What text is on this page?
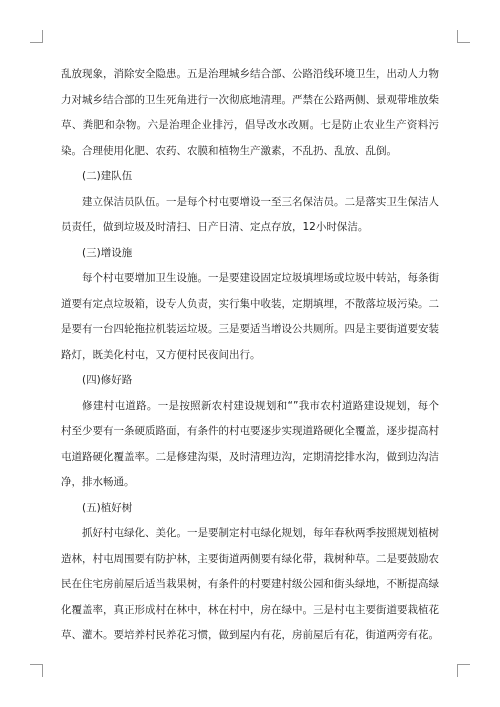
乱放现象，消除安全隐患。五是治理城乡结合部、公路沿线环境卫生，出动人力物力对城乡结合部的卫生死角进行一次彻底地清理。严禁在公路两侧、景观带堆放柴草、粪肥和杂物。六是治理企业排污，倡导改水改厕。七是防止农业生产资料污染。合理使用化肥、农药、农膜和植物生产激素，不乱扔、乱放、乱倒。

(二)建队伍

建立保洁员队伍。一是每个村屯要增设一至三名保洁员。二是落实卫生保洁人员责任，做到垃圾及时清扫、日产日清、定点存放，12小时保洁。

(三)增设施

每个村屯要增加卫生设施。一是要建设固定垃圾填埋场或垃圾中转站，每条街道要有定点垃圾箱，设专人负责，实行集中收装，定期填埋，不散落垃圾污染。二是要有一台四轮拖拉机装运垃圾。三是要适当增设公共厕所。四是主要街道要安装路灯，既美化村屯，又方便村民夜间出行。

(四)修好路

修建村屯道路。一是按照新农村建设规划和“”我市农村道路建设规划，每个村至少要有一条硬质路面，有条件的村屯要逐步实现道路硬化全覆盖，逐步提高村屯道路硬化覆盖率。二是修建沟渠，及时清理边沟，定期清挖排水沟，做到边沟洁净，排水畅通。

(五)植好树

抓好村屯绿化、美化。一是要制定村屯绿化规划，每年春秋两季按照规划植树造林，村屯周围要有防护林，主要街道两侧要有绿化带，栽树种草。二是要鼓励农民在住宅房前屋后适当栽果树，有条件的村要建村级公园和街头绿地，不断提高绿化覆盖率，真正形成村在林中，林在村中，房在绿中。三是村屯主要街道要栽植花草、灌木。要培养村民养花习惯，做到屋内有花，房前屋后有花，街道两旁有花。
